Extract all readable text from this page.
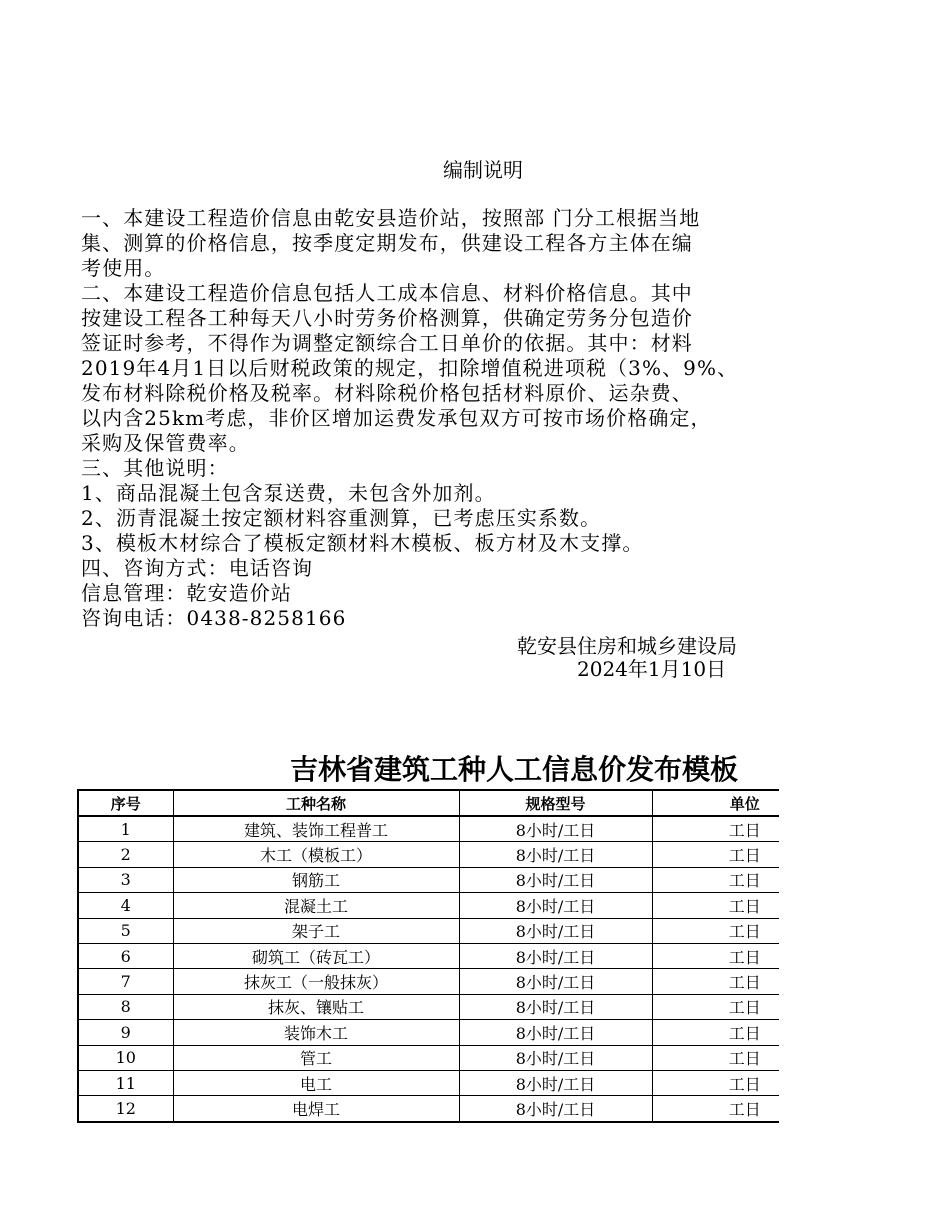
编制说明
一、本建设工程造价信息由乾安县造价站，按照部 门分工根据当地
集、测算的价格信息，按季度定期发布，供建设工程各方主体在编
考使用。
二、本建设工程造价信息包括人工成本信息、材料价格信息。其中
按建设工程各工种每天八小时劳务价格测算，供确定劳务分包造价
签证时参考，不得作为调整定额综合工日单价的依据。其中：材料
2019年4月1日以后财税政策的规定，扣除增值税进项税（3%、9%、
发布材料除税价格及税率。材料除税价格包括材料原价、运杂费、
以内含25km考虑，非价区增加运费发承包双方可按市场价格确定，
采购及保管费率。
三、其他说明：
1、商品混凝土包含泵送费，未包含外加剂。
2、沥青混凝土按定额材料容重测算，已考虑压实系数。
3、模板木材综合了模板定额材料木模板、板方材及木支撑。
四、咨询方式：电话咨询
信息管理：乾安造价站
咨询电话：0438-8258166
乾安县住房和城乡建设局
2024年1月10日
吉林省建筑工种人工信息价发布模板
序号	工种名称	规格型号	单位
1	建筑、装饰工程普工	8小时/工日	工日
2	木工（模板工）	8小时/工日	工日
3	钢筋工	8小时/工日	工日
4	混凝土工	8小时/工日	工日
5	架子工	8小时/工日	工日
6	砌筑工（砖瓦工）	8小时/工日	工日
7	抹灰工（一般抹灰）	8小时/工日	工日
8	抹灰、镶贴工	8小时/工日	工日
9	装饰木工	8小时/工日	工日
10	管工	8小时/工日	工日
11	电工	8小时/工日	工日
12	电焊工	8小时/工日	工日
